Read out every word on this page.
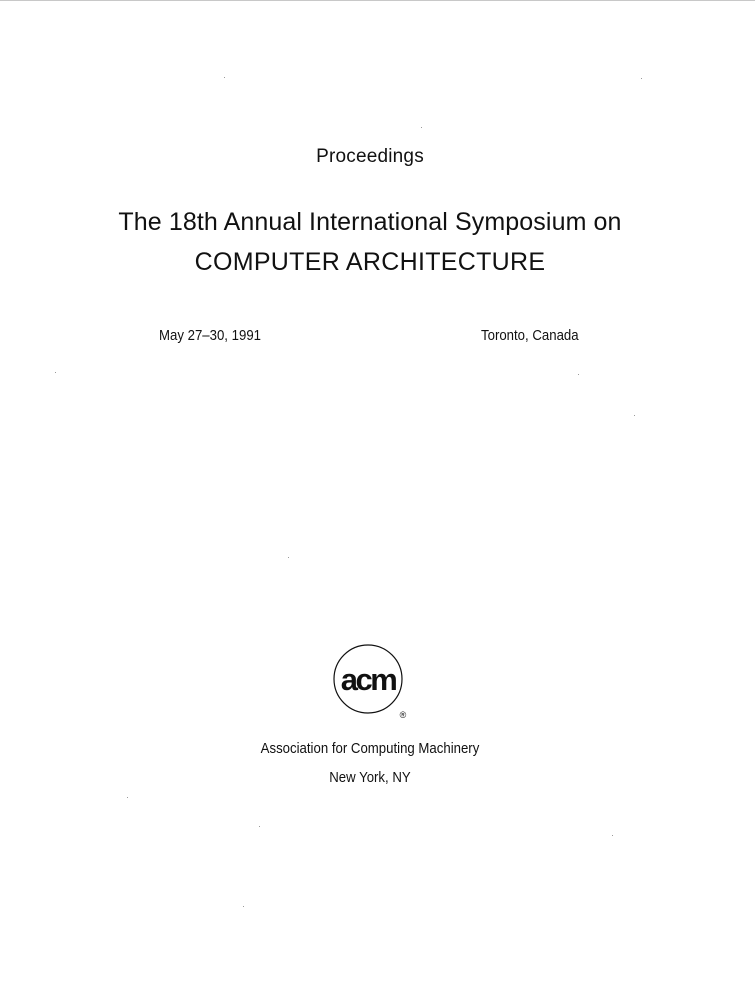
Proceedings
The 18th Annual International Symposium on
COMPUTER ARCHITECTURE
May 27–30, 1991	Toronto, Canada
acm
®
Association for Computing Machinery
New York, NY
